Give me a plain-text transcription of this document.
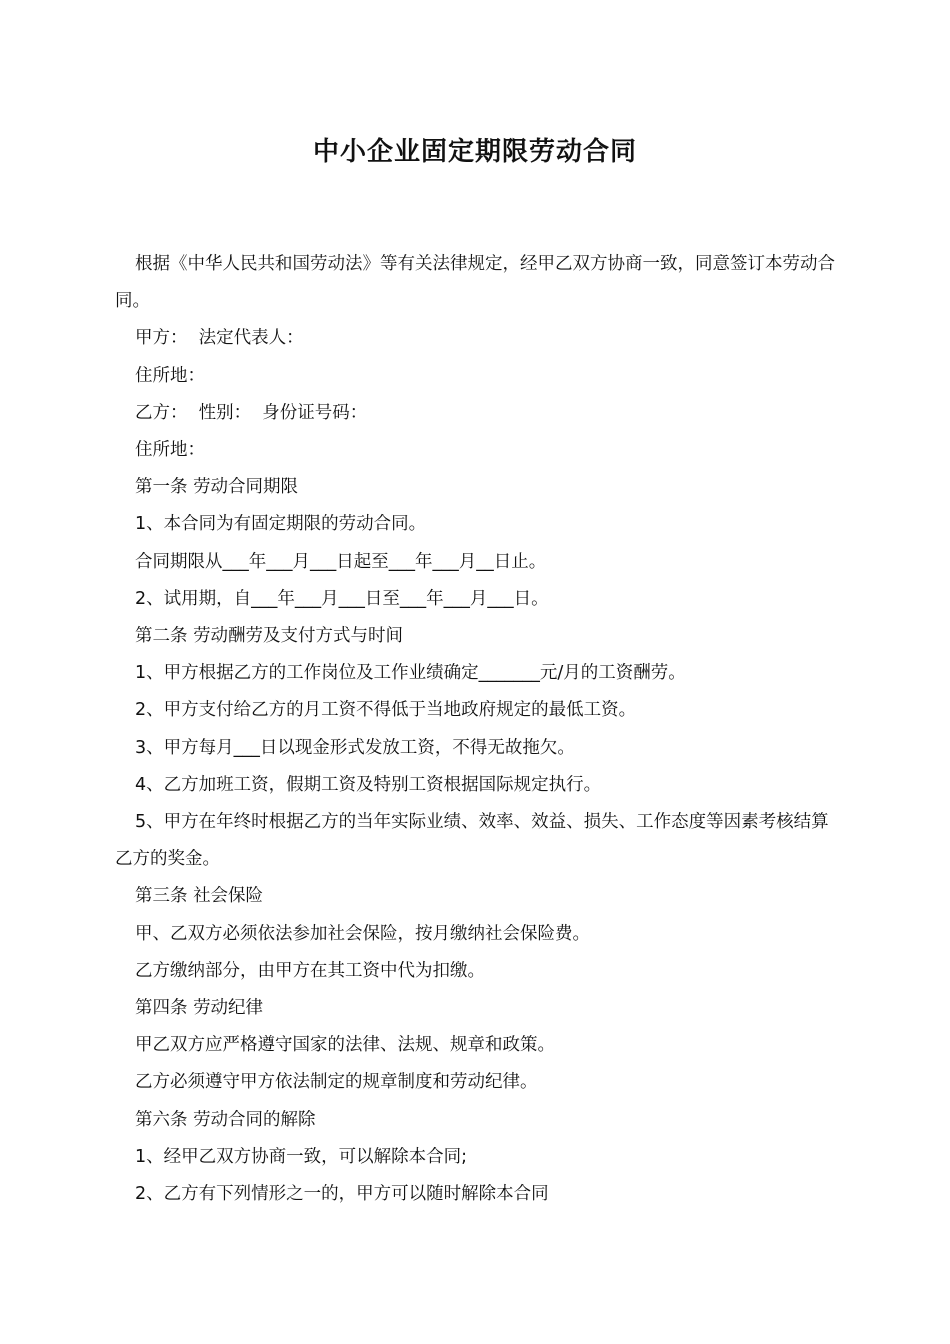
中小企业固定期限劳动合同

根据《中华人民共和国劳动法》等有关法律规定，经甲乙双方协商一致，同意签订本劳动合同。

甲方：  法定代表人：

住所地：

乙方：  性别：  身份证号码：

住所地：

第一条 劳动合同期限

1、本合同为有固定期限的劳动合同。

合同期限从___年___月___日起至___年___月__日止。

2、试用期，自___年___月___日至___年___月___日。

第二条 劳动酬劳及支付方式与时间

1、甲方根据乙方的工作岗位及工作业绩确定_______元/月的工资酬劳。

2、甲方支付给乙方的月工资不得低于当地政府规定的最低工资。

3、甲方每月___日以现金形式发放工资，不得无故拖欠。

4、乙方加班工资，假期工资及特别工资根据国际规定执行。

5、甲方在年终时根据乙方的当年实际业绩、效率、效益、损失、工作态度等因素考核结算乙方的奖金。

第三条 社会保险

甲、乙双方必须依法参加社会保险，按月缴纳社会保险费。

乙方缴纳部分，由甲方在其工资中代为扣缴。

第四条 劳动纪律

甲乙双方应严格遵守国家的法律、法规、规章和政策。

乙方必须遵守甲方依法制定的规章制度和劳动纪律。

第六条 劳动合同的解除

1、经甲乙双方协商一致，可以解除本合同;

2、乙方有下列情形之一的，甲方可以随时解除本合同
